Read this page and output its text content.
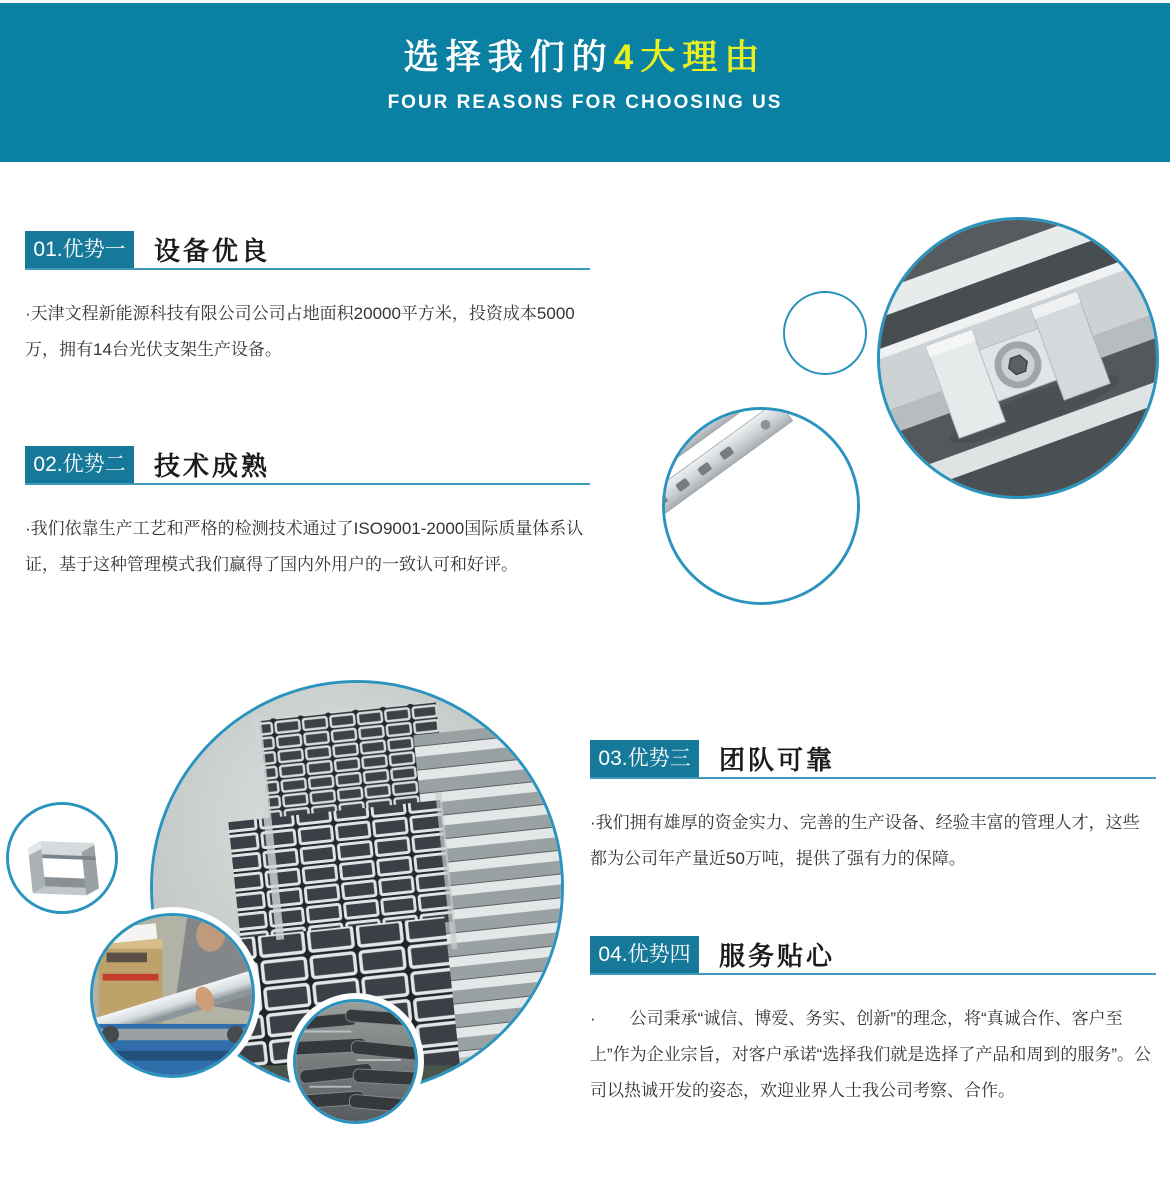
选择我们的4大理由
FOUR REASONS FOR CHOOSING US
01.优势一	设备优良

·天津文程新能源科技有限公司公司占地面积20000平方米，投资成本5000万，拥有14台光伏支架生产设备。

02.优势二	技术成熟

·我们依靠生产工艺和严格的检测技术通过了ISO9001-2000国际质量体系认证，基于这种管理模式我们赢得了国内外用户的一致认可和好评。

03.优势三	团队可靠

·我们拥有雄厚的资金实力、完善的生产设备、经验丰富的管理人才，这些都为公司年产量近50万吨，提供了强有力的保障。

04.优势四	服务贴心

·　　公司秉承“诚信、博爱、务实、创新”的理念，将“真诚合作、客户至上”作为企业宗旨，对客户承诺“选择我们就是选择了产品和周到的服务”。公司以热诚开发的姿态，欢迎业界人士我公司考察、合作。
